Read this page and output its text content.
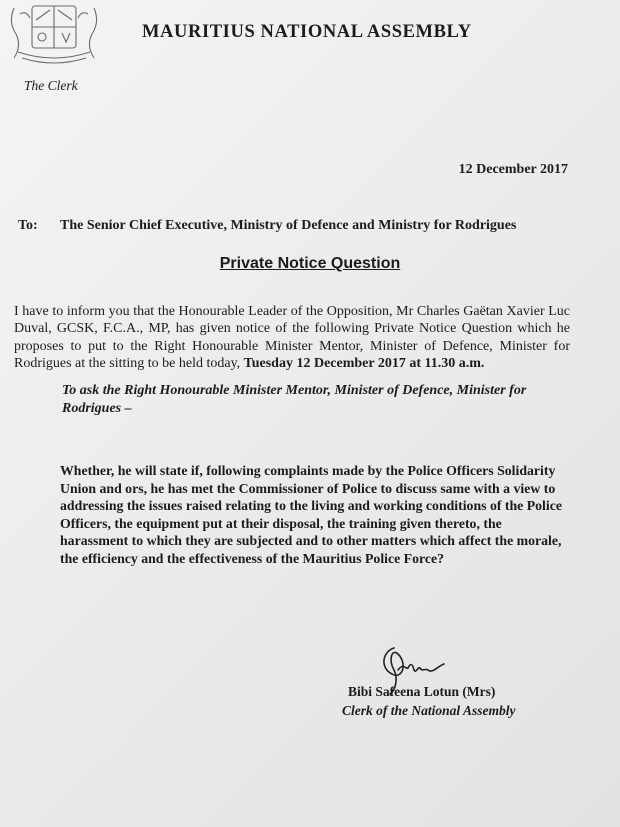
MAURITIUS NATIONAL ASSEMBLY
The Clerk
12 December 2017
To: The Senior Chief Executive, Ministry of Defence and Ministry for Rodrigues
Private Notice Question
I have to inform you that the Honourable Leader of the Opposition, Mr Charles Gaëtan Xavier Luc Duval, GCSK, F.C.A., MP, has given notice of the following Private Notice Question which he proposes to put to the Right Honourable Minister Mentor, Minister of Defence, Minister for Rodrigues at the sitting to be held today, Tuesday 12 December 2017 at 11.30 a.m.
To ask the Right Honourable Minister Mentor, Minister of Defence, Minister for Rodrigues –
Whether, he will state if, following complaints made by the Police Officers Solidarity Union and ors, he has met the Commissioner of Police to discuss same with a view to addressing the issues raised relating to the living and working conditions of the Police Officers, the equipment put at their disposal, the training given thereto, the harassment to which they are subjected and to other matters which affect the morale, the efficiency and the effectiveness of the Mauritius Police Force?
Bibi Safeena Lotun (Mrs)
Clerk of the National Assembly
